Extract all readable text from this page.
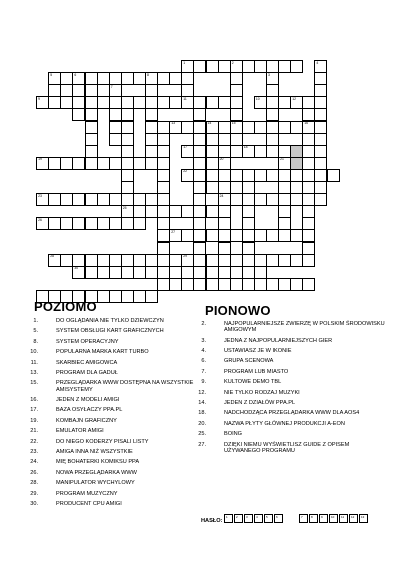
1	2
5	6	8
9	11	10	12
13	14	15	16
17	18
19
22
23	24
25
26
27
28	29
30
7
20
3
21
4
POZIOMO	PIONOWO
1.	DO OGLĄDANIA NIE TYLKO DZIEWCZYN
5.	SYSTEM OBSŁUGI KART GRAFICZNYCH
8.	SYSTEM OPERACYJNY
10.	POPULARNA MARKA KART TURBO
11.	SKARBIEC AMIGOWCA
13.	PROGRAM DLA GADUŁ
15.	PRZEGLĄDARKA WWW DOSTĘPNA NA WSZYSTKIE AMISYSTEMY
16.	JEDEN Z MODELI AMIGI
17.	BAZA OSYŁACZY PPA.PL
19.	KOMBAJN GRAFICZNY
21.	EMULATOR AMIGI
22.	DO NIEGO KODERZY PISALI LISTY
23.	AMIGA INNA NIŻ WSZYSTKIE
24.	MIĘ BOHATERKI KOMIKSU PPA
26.	NOWA PRZEGLĄDARKA WWW
28.	MANIPULATOR WYCHYLOWY
29.	PROGRAM MUZYCZNY
30.	PRODUCENT CPU AMIGI
2.	NAJPOPULARNIEJSZE ZWIERZĘ W POLSKIM ŚRODOWISKU AMIGOWYM
3.	JEDNA Z NAJPOPULARNIEJSZYCH GIER
4.	USTAWIASZ JE W IKONIE
6.	GRUPA SCENOWA
7.	PROGRAM LUB MIASTO
9.	KULTOWE DEMO TBL
12.	NIE TYLKO RODZAJ MUZYKI
14.	JEDEN Z DZIAŁÓW PPA.PL
18.	NADCHODZĄCA PRZEGLĄDARKA WWW DLA AOS4
20.	NAZWA PŁYTY GŁÓWNEJ PRODUKCJI A-EON
25.	BOING
27.	DZIĘKI NIEMU WYŚWIETLISZ GUIDE Z OPISEM UŻYWANEGO PROGRAMU
HASŁO:
1	2	3	4	5	6	7	8	9	10 11 12 13
